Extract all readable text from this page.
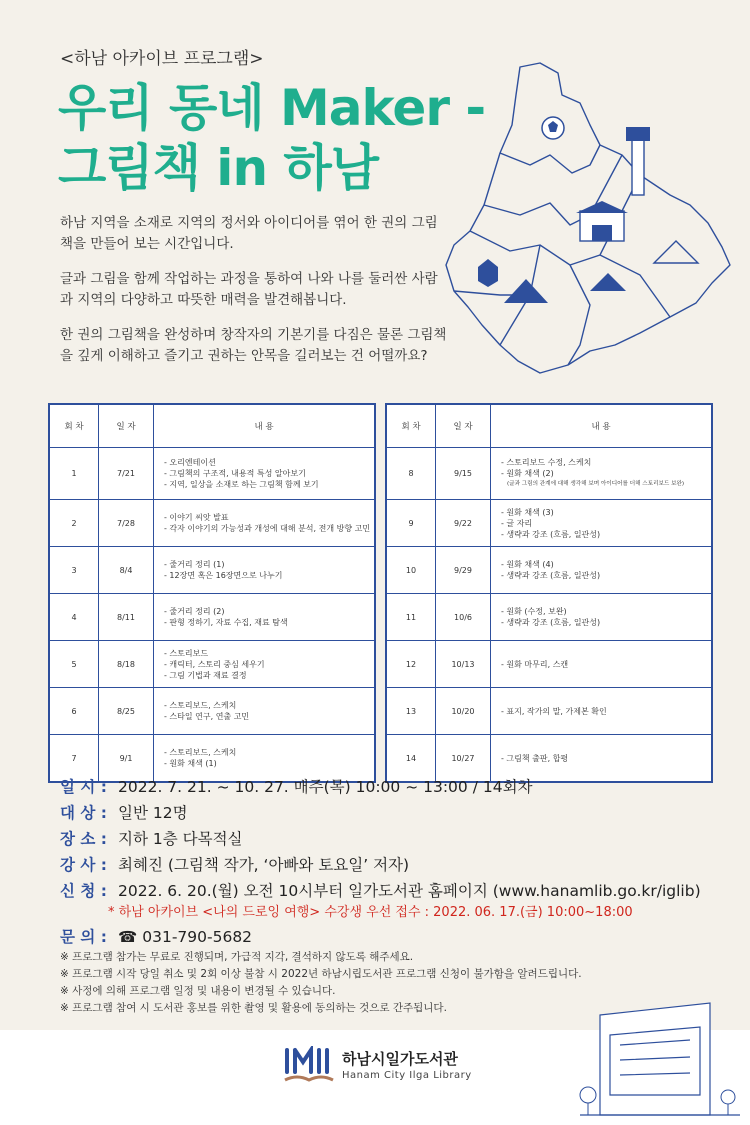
<하남 아카이브 프로그램>
우리 동네 Maker -
그림책 in 하남

하남 지역을 소재로 지역의 정서와 아이디어를 엮어 한 권의 그림책을 만들어 보는 시간입니다.

글과 그림을 함께 작업하는 과정을 통하여 나와 나를 둘러싼 사람과 지역의 다양하고 따뜻한 매력을 발견해봅니다.

한 권의 그림책을 완성하며 창작자의 기본기를 다짐은 물론 그림책을 깊게 이해하고 즐기고 권하는 안목을 길러보는 건 어떨까요?

회 차	일 자	내 용
1	7/21	- 오리엔테이션
- 그림책의 구조적, 내용적 특성 알아보기
- 지역, 일상을 소재로 하는 그림책 함께 보기

2	7/28	- 이야기 씨앗 발표
- 각자 이야기의 가능성과 개성에 대해 분석, 전개 방향 고민

3	8/4	- 줄거리 정리 (1)
- 12장면 혹은 16장면으로 나누기

4	8/11	- 줄거리 정리 (2)
- 판형 정하기, 자료 수집, 재료 탐색

5	8/18	- 스토리보드
- 캐릭터, 스토리 중심 세우기
- 그림 기법과 재료 결정

6	8/25	- 스토리보드, 스케치
- 스타일 연구, 연출 고민

7	9/1	- 스토리보드, 스케치
- 원화 채색 (1)
회 차	일 자	내 용
8	9/15	- 스토리보드 수정, 스케치
- 원화 채색 (2)
(글과 그림의 관계에 대해 생각해 보며 아이디어를 더해 스토리보드 보완)

9	9/22	- 원화 채색 (3)
- 글 자리
- 생략과 강조 (흐름, 일관성)

10	9/29	- 원화 채색 (4)
- 생략과 강조 (흐름, 일관성)

11	10/6	- 원화 (수정, 보완)
- 생략과 강조 (흐름, 일관성)

12	10/13	- 원화 마무리, 스캔

13	10/20	- 표지, 작가의 말, 가제본 확인

14	10/27	- 그림책 출판, 합평
일 시 : 2022. 7. 21. ~ 10. 27. 매주(목) 10:00 ~ 13:00 / 14회차
대 상 : 일반 12명
장 소 : 지하 1층 다목적실
강 사 : 최혜진 (그림책 작가, ‘아빠와 토요일’ 저자)
신 청 : 2022. 6. 20.(월) 오전 10시부터 일가도서관 홈페이지 (www.hanamlib.go.kr/iglib)
* 하남 아카이브 <나의 드로잉 여행> 수강생 우선 접수 : 2022. 06. 17.(금) 10:00~18:00
문 의 : ☎ 031-790-5682
※ 프로그램 참가는 무료로 진행되며, 가급적 지각, 결석하지 않도록 해주세요.
※ 프로그램 시작 당일 취소 및 2회 이상 불참 시 2022년 하남시립도서관 프로그램 신청이 불가함을 알려드립니다.
※ 사정에 의해 프로그램 일정 및 내용이 변경될 수 있습니다.
※ 프로그램 참여 시 도서관 홍보를 위한 촬영 및 활용에 동의하는 것으로 간주됩니다.
하남시일가도서관
Hanam City Ilga Library
